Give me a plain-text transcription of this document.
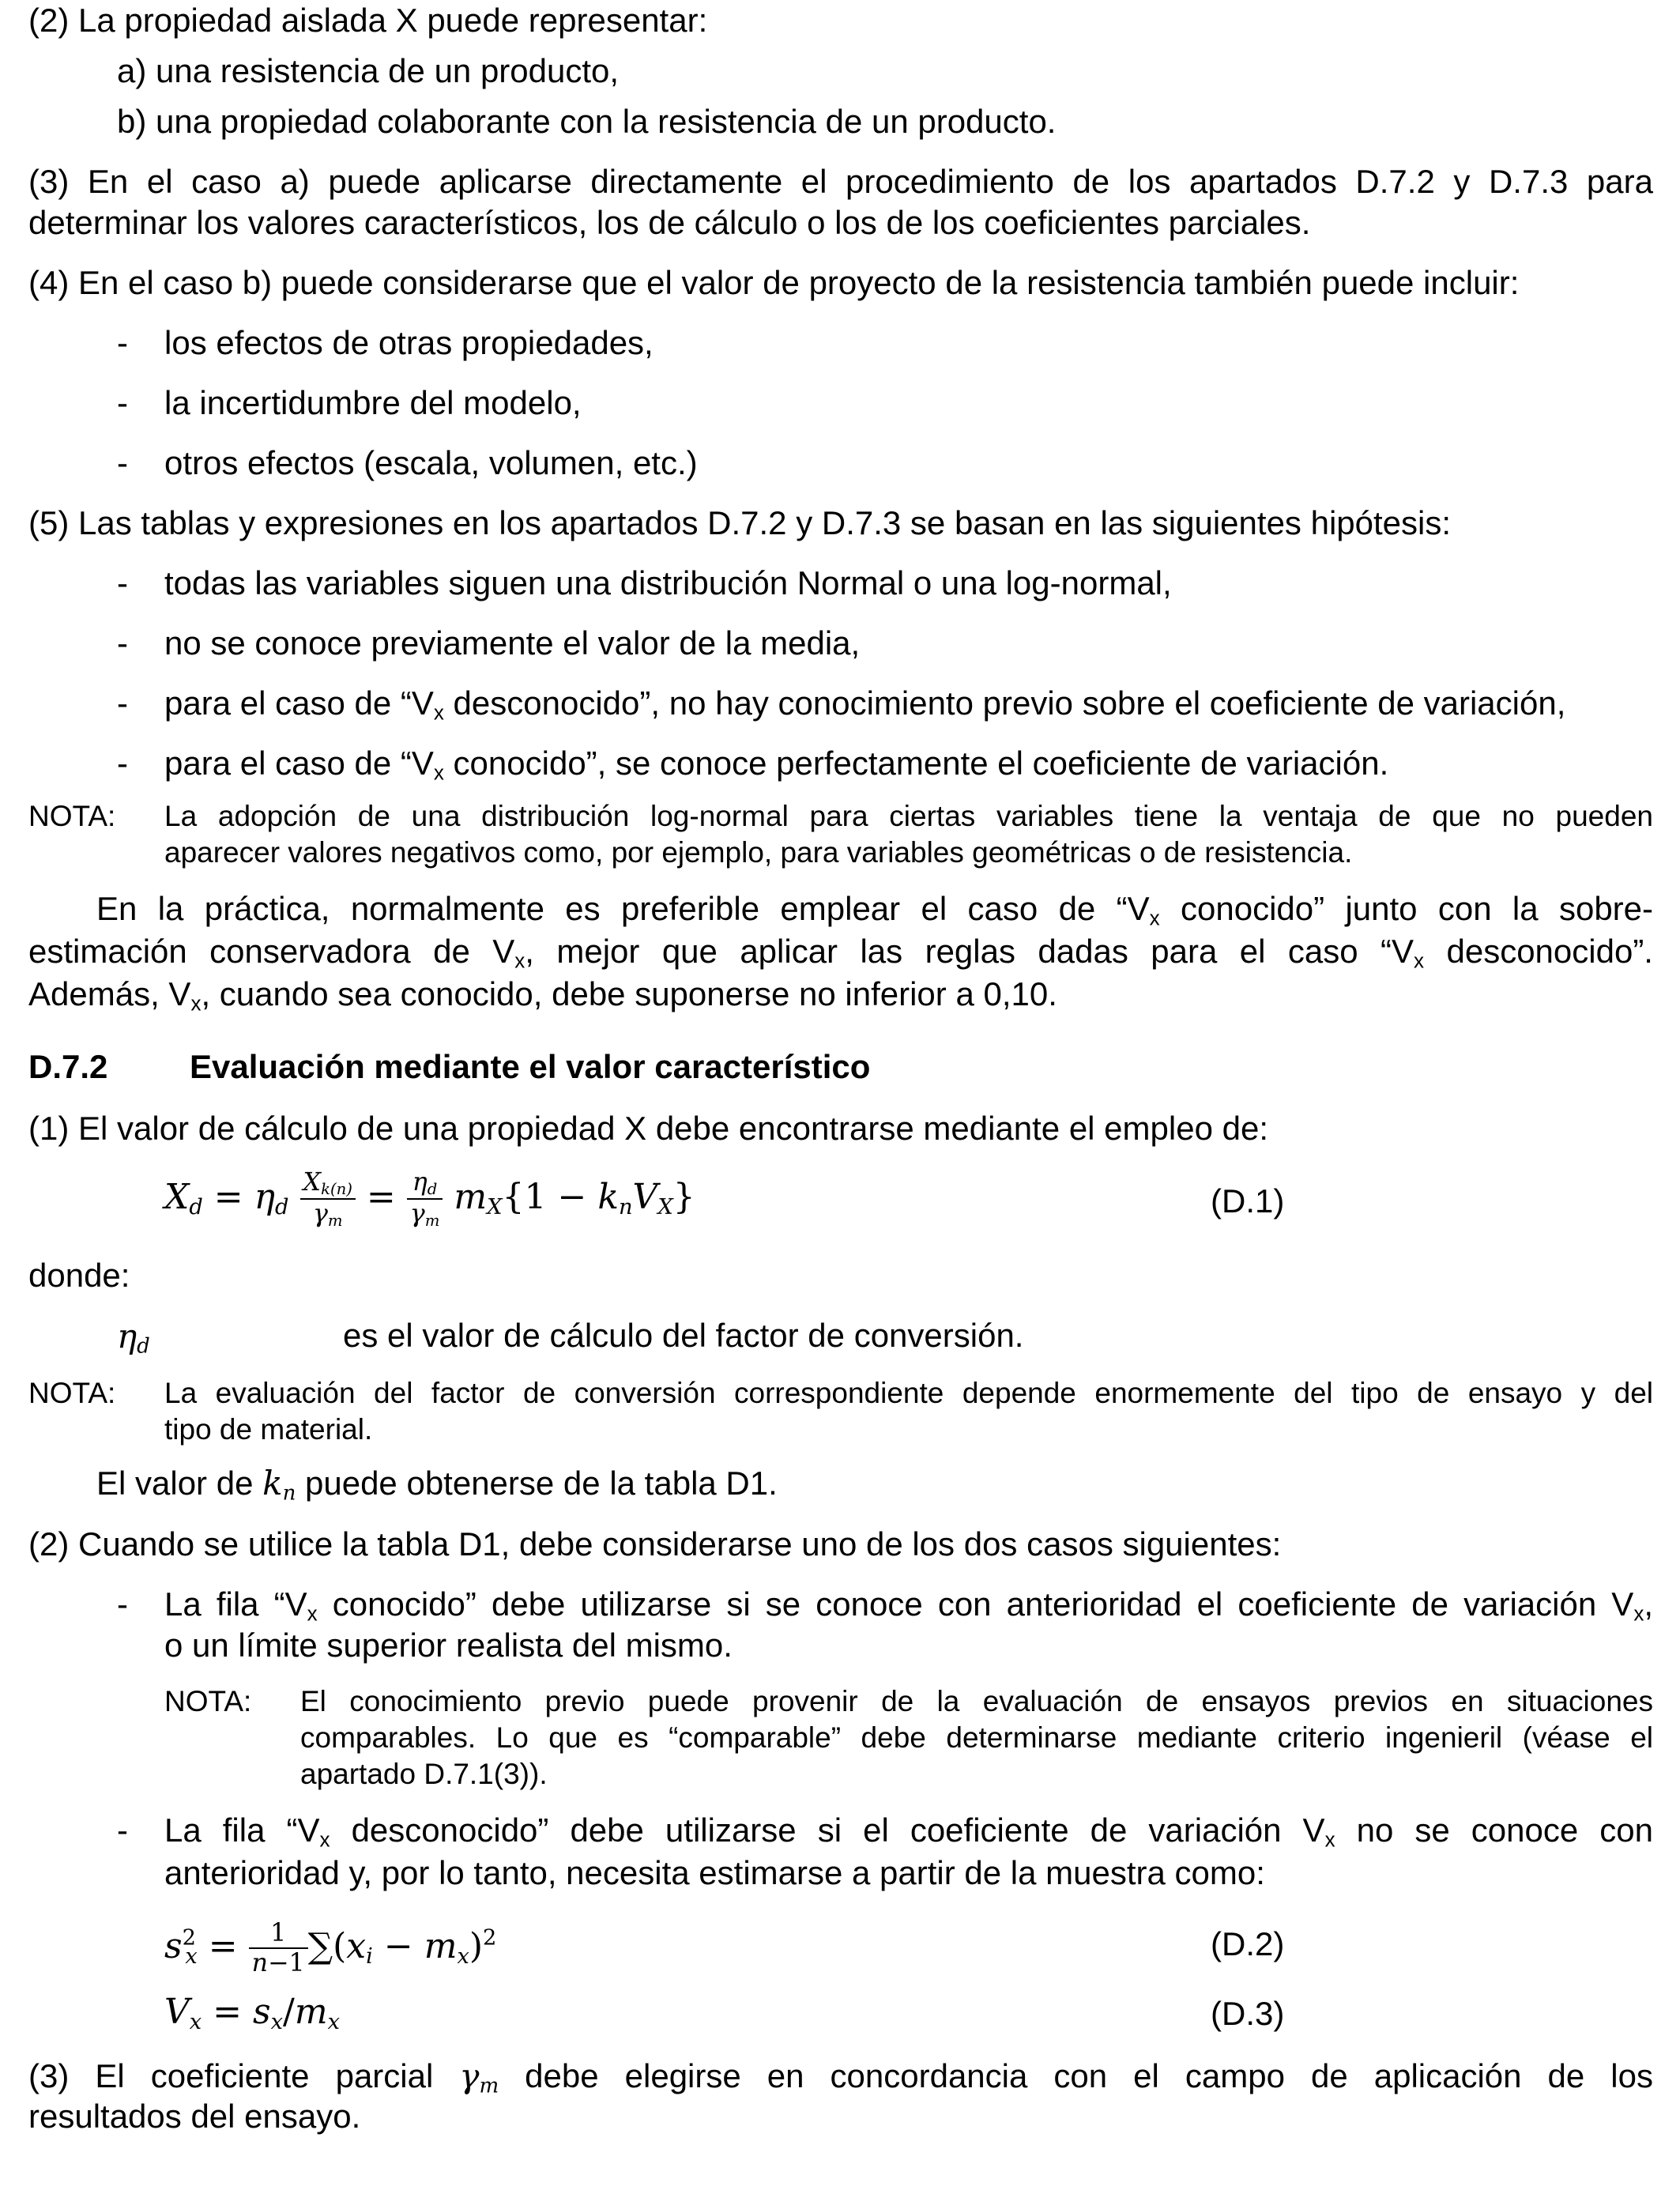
(2) La propiedad aislada X puede representar:
a) una resistencia de un producto,
b) una propiedad colaborante con la resistencia de un producto.
(3) En el caso a) puede aplicarse directamente el procedimiento de los apartados D.7.2 y D.7.3 para
determinar los valores característicos, los de cálculo o los de los coeficientes parciales.
(4) En el caso b) puede considerarse que el valor de proyecto de la resistencia también puede incluir:
- los efectos de otras propiedades,
- la incertidumbre del modelo,
- otros efectos (escala, volumen, etc.)
(5) Las tablas y expresiones en los apartados D.7.2 y D.7.3 se basan en las siguientes hipótesis:
- todas las variables siguen una distribución Normal o una log-normal,
- no se conoce previamente el valor de la media,
- para el caso de “$V_x$ desconocido”, no hay conocimiento previo sobre el coeficiente de variación,
- para el caso de “$V_x$ conocido”, se conoce perfectamente el coeficiente de variación.
NOTA: La adopción de una distribución log-normal para ciertas variables tiene la ventaja de que no pueden
aparecer valores negativos como, por ejemplo, para variables geométricas o de resistencia.
En la práctica, normalmente es preferible emplear el caso de “$V_x$ conocido” junto con la sobre-
estimación conservadora de $V_x$, mejor que aplicar las reglas dadas para el caso “$V_x$ desconocido”.
Además, $V_x$, cuando sea conocido, debe suponerse no inferior a 0,10.
D.7.2 Evaluación mediante el valor característico
(1) El valor de cálculo de una propiedad X debe encontrarse mediante el empleo de:
$X_d = \eta_d \frac{X_{k(n)}}{\gamma_m} = \frac{\eta_d}{\gamma_m} m_X\{1 - k_nV_X\}$	(D.1)
donde:
$\eta_d$	es el valor de cálculo del factor de conversión.
NOTA: La evaluación del factor de conversión correspondiente depende enormemente del tipo de ensayo y del
tipo de material.
El valor de $k_n$ puede obtenerse de la tabla D1.
(2) Cuando se utilice la tabla D1, debe considerarse uno de los dos casos siguientes:
- La fila “$V_x$ conocido” debe utilizarse si se conoce con anterioridad el coeficiente de variación $V_x$,
o un límite superior realista del mismo.
NOTA: El conocimiento previo puede provenir de la evaluación de ensayos previos en situaciones
comparables. Lo que es “comparable” debe determinarse mediante criterio ingenieril (véase el
apartado D.7.1(3)).
- La fila “$V_x$ desconocido” debe utilizarse si el coeficiente de variación $V_x$ no se conoce con
anterioridad y, por lo tanto, necesita estimarse a partir de la muestra como:
$s^2_x = \frac{1}{n-1} \sum(x_i - m_x)^2$	(D.2)
$V_x = s_x/m_x$	(D.3)
(3) El coeficiente parcial $\gamma_m$ debe elegirse en concordancia con el campo de aplicación de los
resultados del ensayo.
